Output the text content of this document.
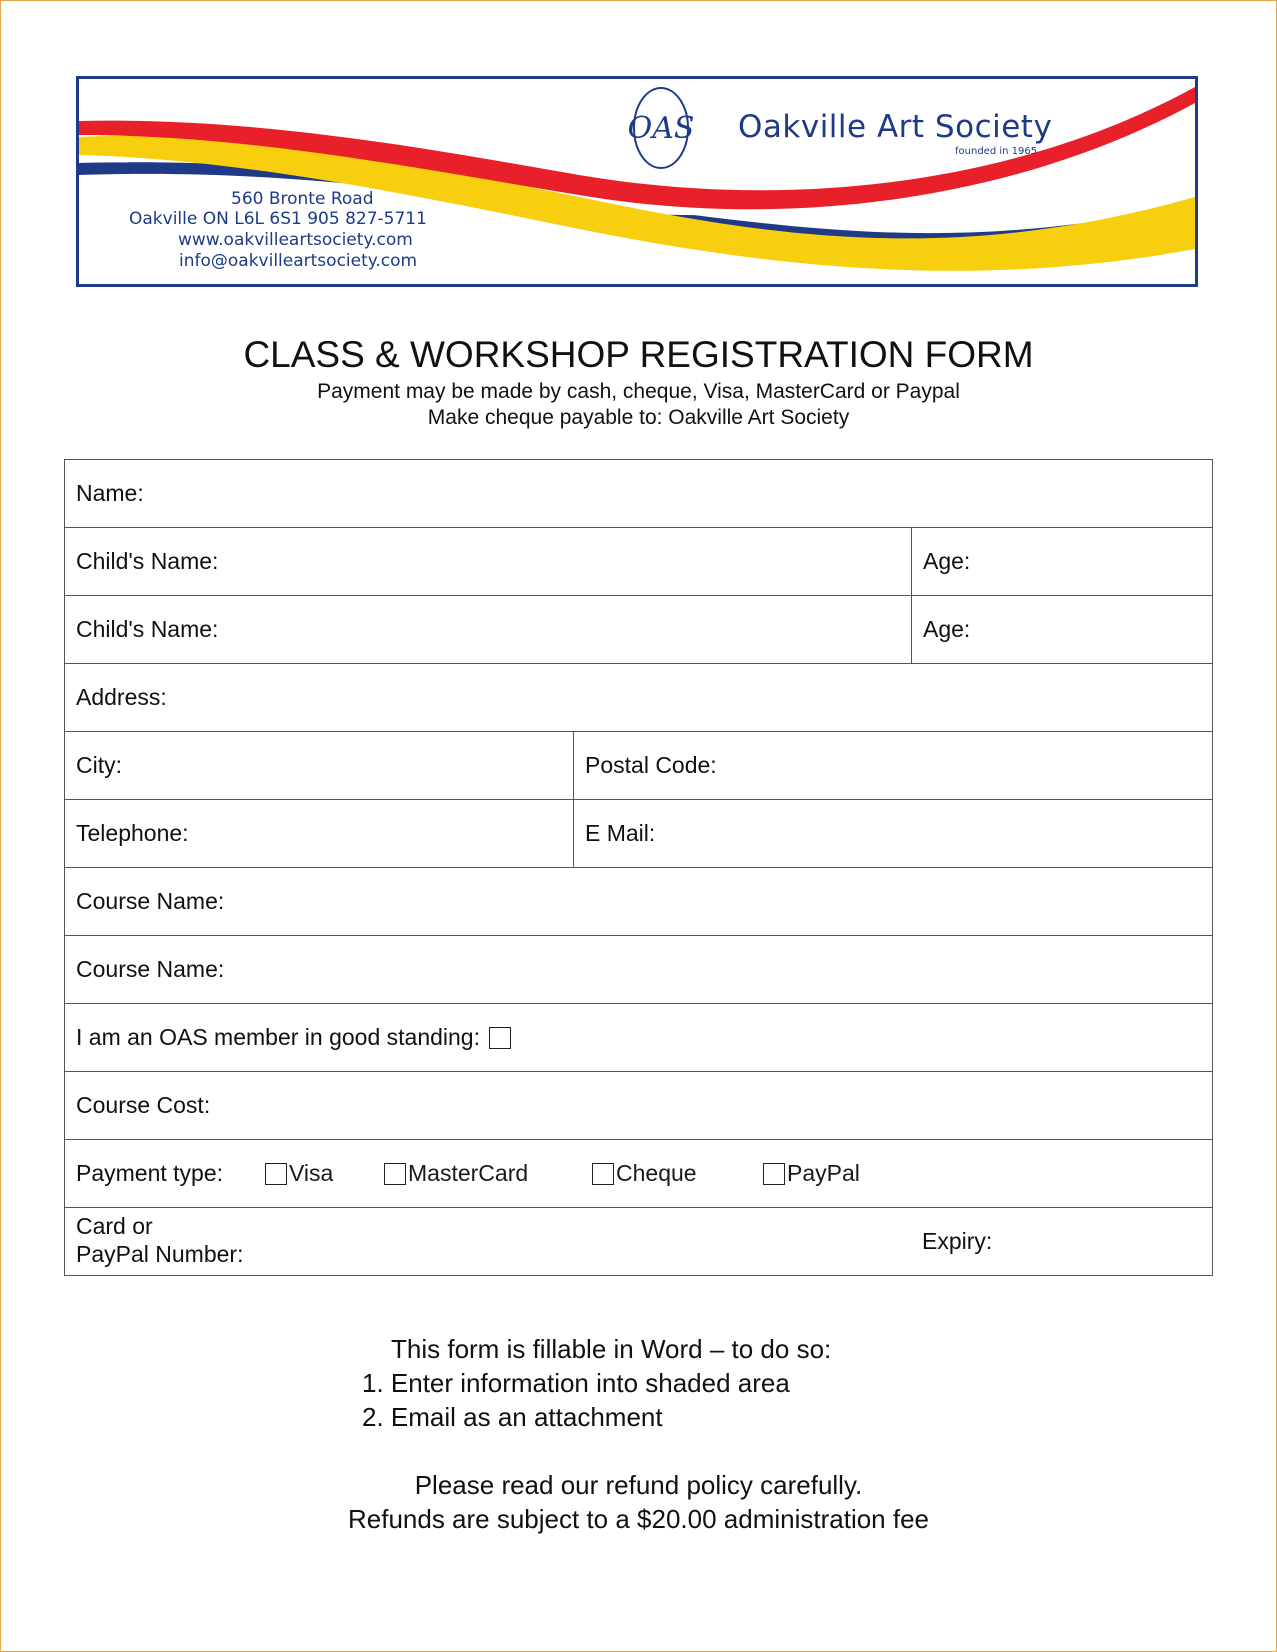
OAS Oakville Art Society
founded in 1965
560 Bronte Road
Oakville ON L6L 6S1 905 827-5711
www.oakvilleartsociety.com
info@oakvilleartsociety.com
CLASS & WORKSHOP REGISTRATION FORM
Payment may be made by cash, cheque, Visa, MasterCard or Paypal
Make cheque payable to: Oakville Art Society
Name:
Child's Name:	Age:
Child's Name:	Age:
Address:
City:	Postal Code:
Telephone:	E Mail:
Course Name:
Course Name:
I am an OAS member in good standing:
Course Cost:
Payment type:	Visa	MasterCard	Cheque	PayPal
Card or
PayPal Number:	Expiry:
This form is fillable in Word – to do so:
1. Enter information into shaded area
2. Email as an attachment
Please read our refund policy carefully.
Refunds are subject to a $20.00 administration fee
